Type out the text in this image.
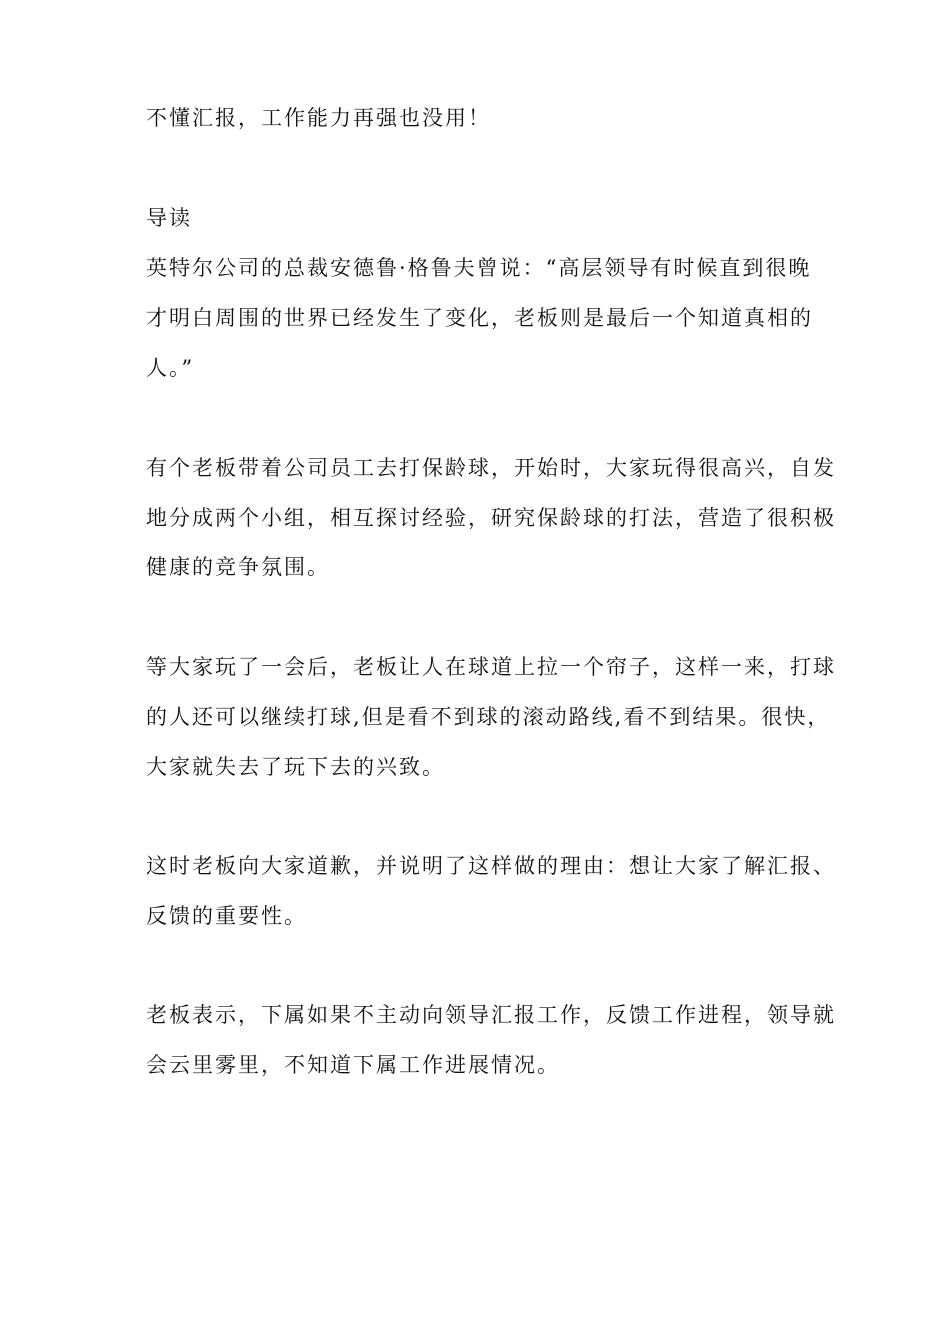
不懂汇报，工作能力再强也没用！
导读
英特尔公司的总裁安德鲁·格鲁夫曾说：“高层领导有时候直到很晚
才明白周围的世界已经发生了变化，老板则是最后一个知道真相的
人。”
有个老板带着公司员工去打保龄球，开始时，大家玩得很高兴，自发
地分成两个小组，相互探讨经验，研究保龄球的打法，营造了很积极
健康的竞争氛围。
等大家玩了一会后，老板让人在球道上拉一个帘子，这样一来，打球
的人还可以继续打球,但是看不到球的滚动路线,看不到结果。很快，
大家就失去了玩下去的兴致。
这时老板向大家道歉，并说明了这样做的理由：想让大家了解汇报、
反馈的重要性。
老板表示，下属如果不主动向领导汇报工作，反馈工作进程，领导就
会云里雾里，不知道下属工作进展情况。
